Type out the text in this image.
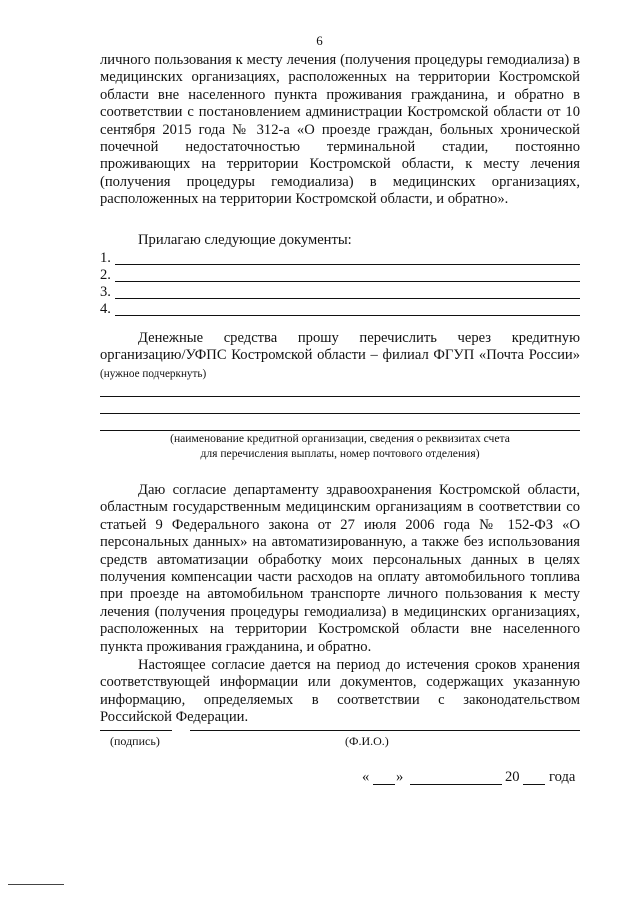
6

личного пользования к месту лечения (получения процедуры гемодиализа) в медицинских организациях, расположенных на территории Костромской области вне населенного пункта проживания гражданина, и обратно в соответствии с постановлением администрации Костромской области от 10 сентября 2015 года № 312-а «О проезде граждан, больных хронической почечной недостаточностью терминальной стадии, постоянно проживающих на территории Костромской области, к месту лечения (получения процедуры гемодиализа) в медицинских организациях, расположенных на территории Костромской области, и обратно».

Прилагаю следующие документы:
1.
2.
3.
4.

Денежные средства прошу перечислить через кредитную организацию/УФПС Костромской области – филиал ФГУП «Почта России» (нужное подчеркнуть)

(наименование кредитной организации, сведения о реквизитах счета
для перечисления выплаты, номер почтового отделения)

Даю согласие департаменту здравоохранения Костромской области, областным государственным медицинским организациям в соответствии со статьей 9 Федерального закона от 27 июля 2006 года № 152-ФЗ «О персональных данных» на автоматизированную, а также без использования средств автоматизации обработку моих персональных данных в целях получения компенсации части расходов на оплату автомобильного топлива при проезде на автомобильном транспорте личного пользования к месту лечения (получения процедуры гемодиализа) в медицинских организациях, расположенных на территории Костромской области вне населенного пункта проживания гражданина, и обратно.

Настоящее согласие дается на период до истечения сроков хранения соответствующей информации или документов, содержащих указанную информацию, определяемых в соответствии с законодательством Российской Федерации.

(подпись)	(Ф.И.О.)
« »	20 года
